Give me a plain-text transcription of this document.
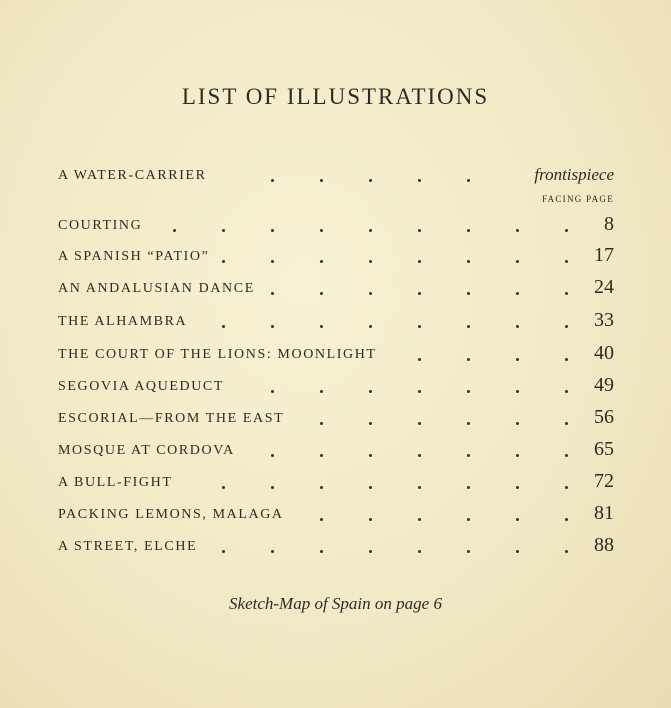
LIST OF ILLUSTRATIONS
FACING PAGE
A WATER-CARRIER	frontispiece
COURTING	8
A SPANISH “PATIO”	17
AN ANDALUSIAN DANCE	24
THE ALHAMBRA	33
THE COURT OF THE LIONS: MOONLIGHT	40
SEGOVIA AQUEDUCT	49
ESCORIAL—FROM THE EAST	56
MOSQUE AT CORDOVA	65
A BULL-FIGHT	72
PACKING LEMONS, MALAGA	81
A STREET, ELCHE	88
Sketch-Map of Spain on page 6
